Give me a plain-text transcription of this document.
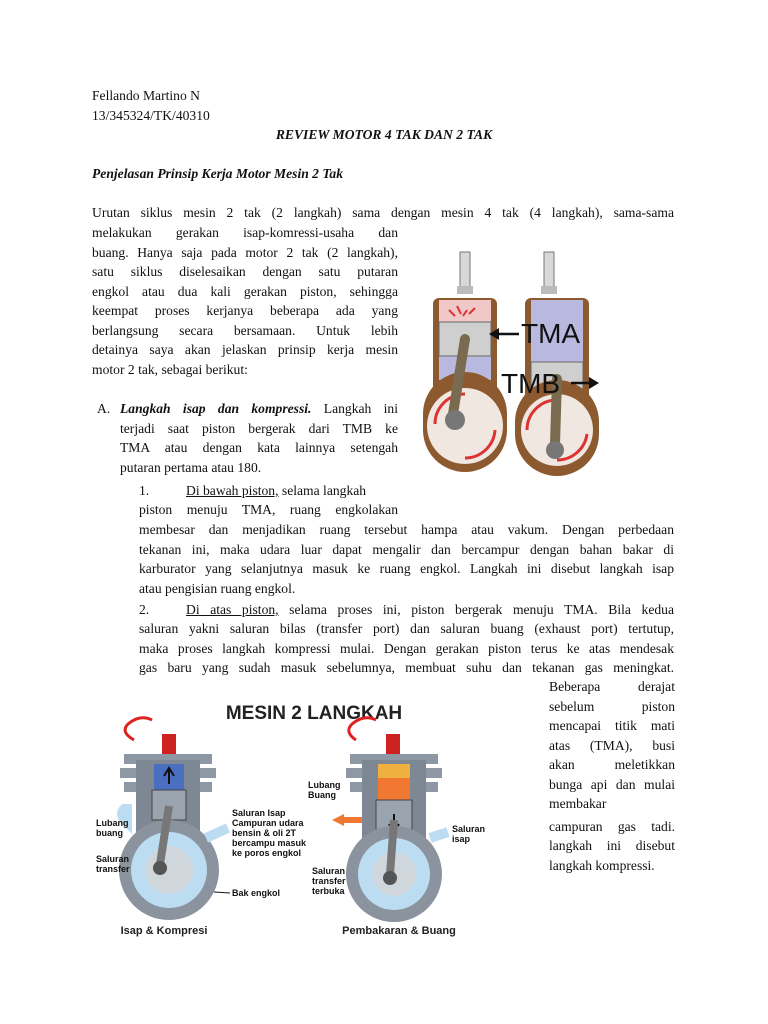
Fellando Martino N
13/345324/TK/40310
REVIEW MOTOR 4 TAK DAN 2 TAK
Penjelasan Prinsip Kerja Motor Mesin 2 Tak
Urutan siklus mesin 2 tak (2 langkah) sama dengan mesin 4 tak (4 langkah), sama-sama
melakukan gerakan isap-komressi-usaha dan
buang. Hanya saja pada motor 2 tak (2 langkah),
satu siklus diselesaikan dengan satu putaran
engkol atau dua kali gerakan piston, sehingga
keempat proses kerjanya beberapa ada yang
berlangsung secara bersamaan. Untuk lebih
detainya saya akan jelaskan prinsip kerja mesin
motor 2 tak, sebagai berikut:
TMA
TMB
A. Langkah isap dan kompressi. Langkah ini
terjadi saat piston bergerak dari TMB ke
TMA atau dengan kata lainnya setengah
putaran pertama atau 180.
1.	Di bawah piston, selama langkah
piston menuju TMA, ruang engkolakan
membesar dan menjadikan ruang tersebut hampa atau vakum. Dengan perbedaan
tekanan ini, maka udara luar dapat mengalir dan bercampur dengan bahan bakar di
karburator yang selanjutnya masuk ke ruang engkol. Langkah ini disebut langkah isap
atau pengisian ruang engkol.
2.	Di atas piston, selama proses ini, piston bergerak menuju TMA. Bila kedua
saluran yakni saluran bilas (transfer port) dan saluran buang (exhaust port) tertutup,
maka proses langkah kompressi mulai. Dengan gerakan piston terus ke atas mendesak
gas baru yang sudah masuk sebelumnya, membuat suhu dan tekanan gas meningkat.
Beberapa derajat
sebelum piston
mencapai titik mati
atas (TMA), busi
akan meletikkan
bunga api dan mulai
membakar
campuran gas tadi.
langkah ini disebut
langkah kompressi.
MESIN 2 LANGKAH
Lubang buang
Saluran transfer
Saluran Isap Campuran udara bensin & oli 2T bercampu masuk ke poros engkol
Bak engkol
Isap & Kompresi
Lubang Buang
Saluran isap
Saluran transfer terbuka
Pembakaran & Buang
